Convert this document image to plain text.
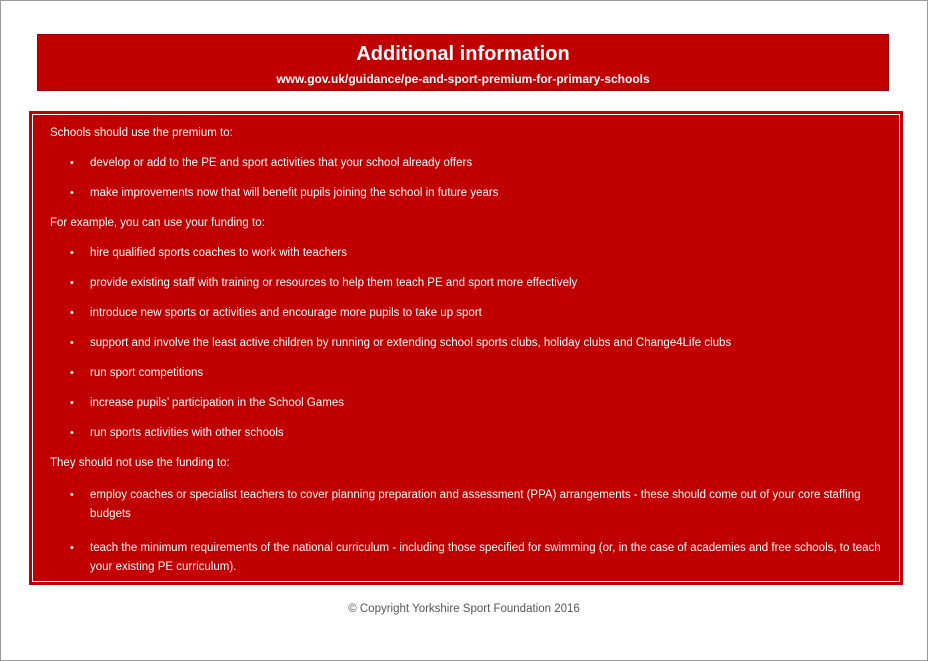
Additional information
www.gov.uk/guidance/pe-and-sport-premium-for-primary-schools

Schools should use the premium to:

• develop or add to the PE and sport activities that your school already offers
• make improvements now that will benefit pupils joining the school in future years

For example, you can use your funding to:

• hire qualified sports coaches to work with teachers
• provide existing staff with training or resources to help them teach PE and sport more effectively
• introduce new sports or activities and encourage more pupils to take up sport
• support and involve the least active children by running or extending school sports clubs, holiday clubs and Change4Life clubs
• run sport competitions
• increase pupils’ participation in the School Games
• run sports activities with other schools

They should not use the funding to:

• employ coaches or specialist teachers to cover planning preparation and assessment (PPA) arrangements - these should come out of your core staffing budgets
• teach the minimum requirements of the national curriculum - including those specified for swimming (or, in the case of academies and free schools, to teach your existing PE curriculum).
© Copyright Yorkshire Sport Foundation 2016
